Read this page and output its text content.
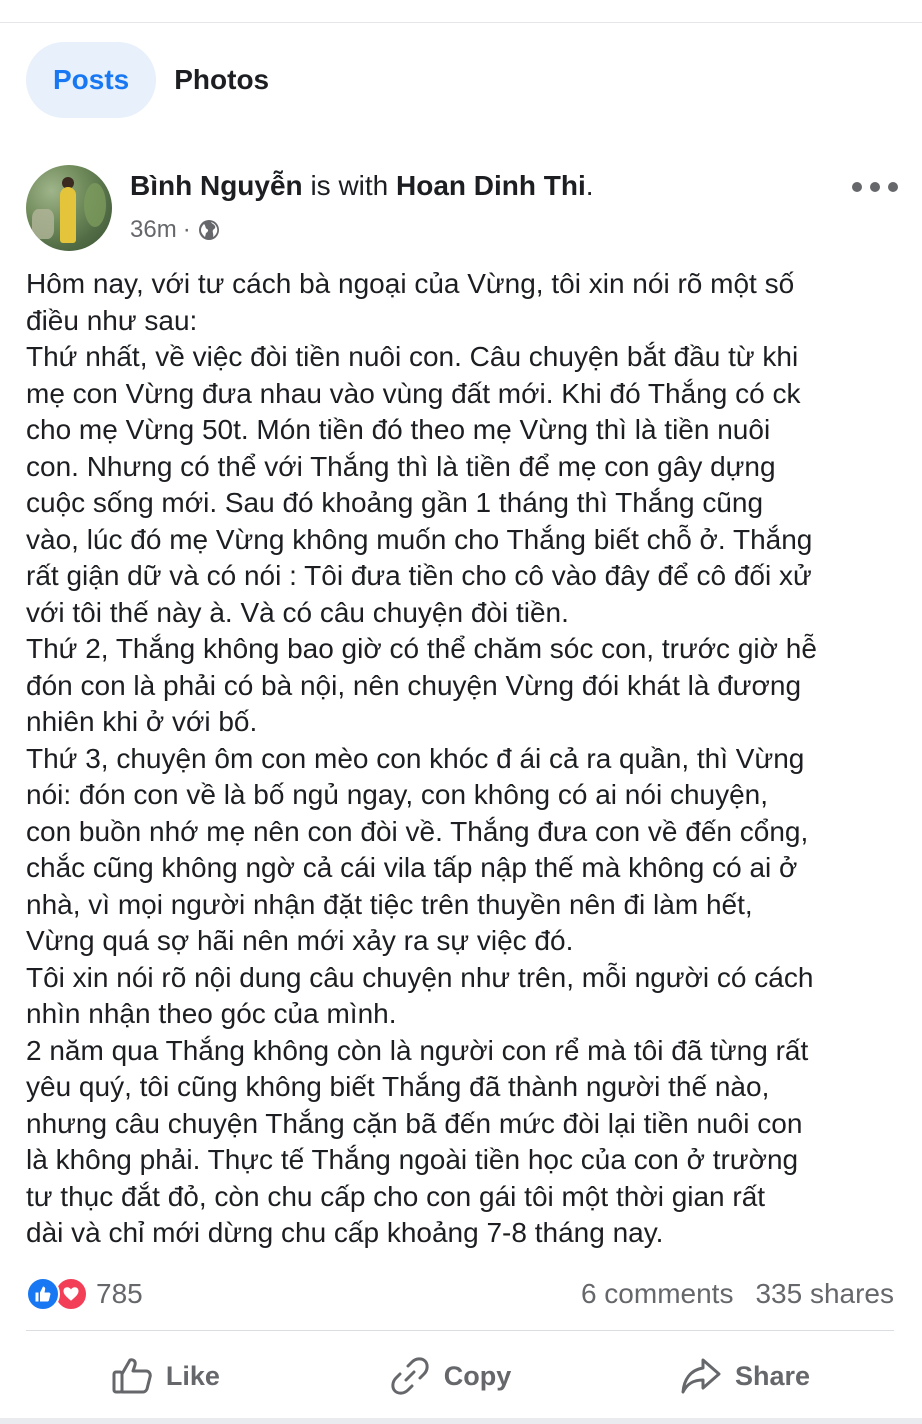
Posts	Photos
Bình Nguyễn is with Hoan Dinh Thi.
36m ·

Hôm nay, với tư cách bà ngoại của Vừng, tôi xin nói rõ một số

điều như sau:

Thứ nhất, về việc đòi tiền nuôi con. Câu chuyện bắt đầu từ khi

mẹ con Vừng đưa nhau vào vùng đất mới. Khi đó Thắng có ck

cho mẹ Vừng 50t. Món tiền đó theo mẹ Vừng thì là tiền nuôi

con. Nhưng có thể với Thắng thì là tiền để mẹ con gây dựng

cuộc sống mới. Sau đó khoảng gần 1 tháng thì Thắng cũng

vào, lúc đó mẹ Vừng không muốn cho Thắng biết chỗ ở. Thắng

rất giận dữ và có nói : Tôi đưa tiền cho cô vào đây để cô đối xử

với tôi thế này à. Và có câu chuyện đòi tiền.

Thứ 2, Thắng không bao giờ có thể chăm sóc con, trước giờ hễ

đón con là phải có bà nội, nên chuyện Vừng đói khát là đương

nhiên khi ở với bố.

Thứ 3, chuyện ôm con mèo con khóc đ ái cả ra quần, thì Vừng

nói: đón con về là bố ngủ ngay, con không có ai nói chuyện,

con buồn nhớ mẹ nên con đòi về. Thắng đưa con về đến cổng,

chắc cũng không ngờ cả cái vila tấp nập thế mà không có ai ở

nhà, vì mọi người nhận đặt tiệc trên thuyền nên đi làm hết,

Vừng quá sợ hãi nên mới xảy ra sự việc đó.

Tôi xin nói rõ nội dung câu chuyện như trên, mỗi người có cách

nhìn nhận theo góc của mình.

2 năm qua Thắng không còn là người con rể mà tôi đã từng rất

yêu quý, tôi cũng không biết Thắng đã thành người thế nào,

nhưng câu chuyện Thắng cặn bã đến mức đòi lại tiền nuôi con

là không phải. Thực tế Thắng ngoài tiền học của con ở trường

tư thục đắt đỏ, còn chu cấp cho con gái tôi một thời gian rất

dài và chỉ mới dừng chu cấp khoảng 7-8 tháng nay.

785	6 comments 335 shares
Like	Copy	Share
